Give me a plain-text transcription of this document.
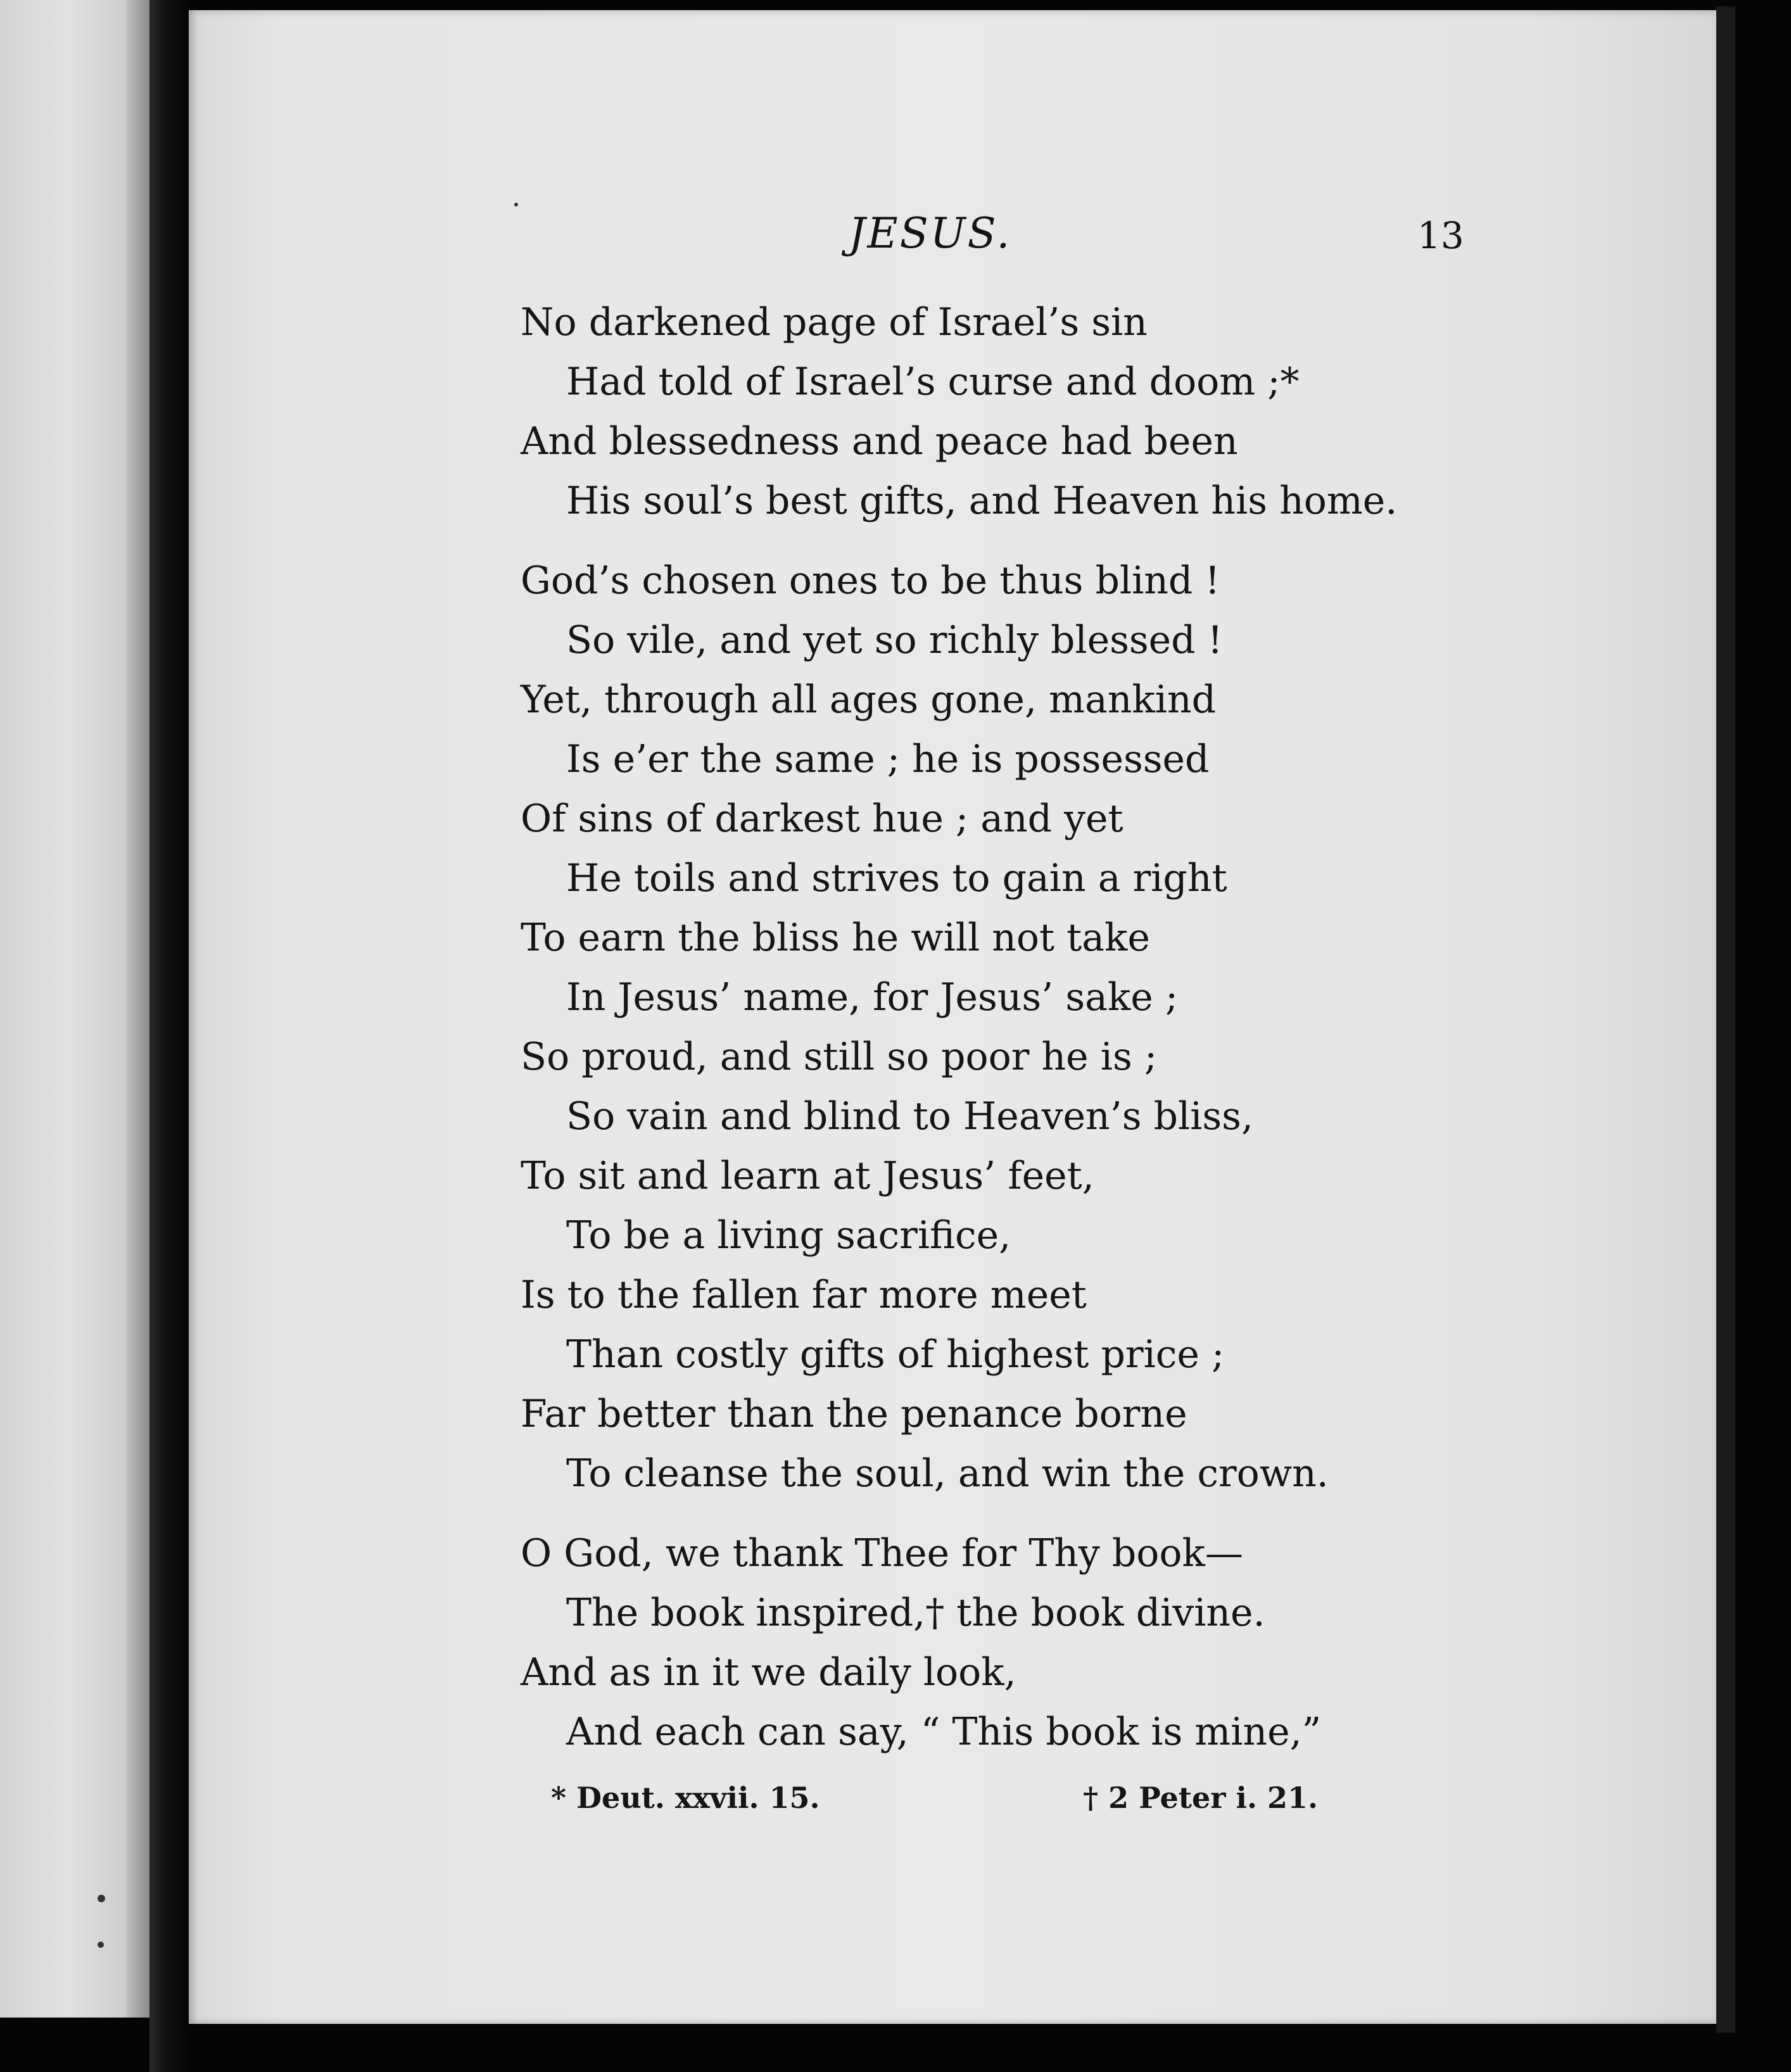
JESUS.	13
No darkened page of Israel’s sin
Had told of Israel’s curse and doom ;*
And blessedness and peace had been
His soul’s best gifts, and Heaven his home.
God’s chosen ones to be thus blind !
So vile, and yet so richly blessed !
Yet, through all ages gone, mankind
Is e’er the same ; he is possessed
Of sins of darkest hue ; and yet
He toils and strives to gain a right
To earn the bliss he will not take
In Jesus’ name, for Jesus’ sake ;
So proud, and still so poor he is ;
So vain and blind to Heaven’s bliss,
To sit and learn at Jesus’ feet,
To be a living sacrifice,
Is to the fallen far more meet
Than costly gifts of highest price ;
Far better than the penance borne
To cleanse the soul, and win the crown.
O God, we thank Thee for Thy book—
The book inspired,† the book divine.
And as in it we daily look,
And each can say, “ This book is mine,”
* Deut. xxvii. 15.	† 2 Peter i. 21.
